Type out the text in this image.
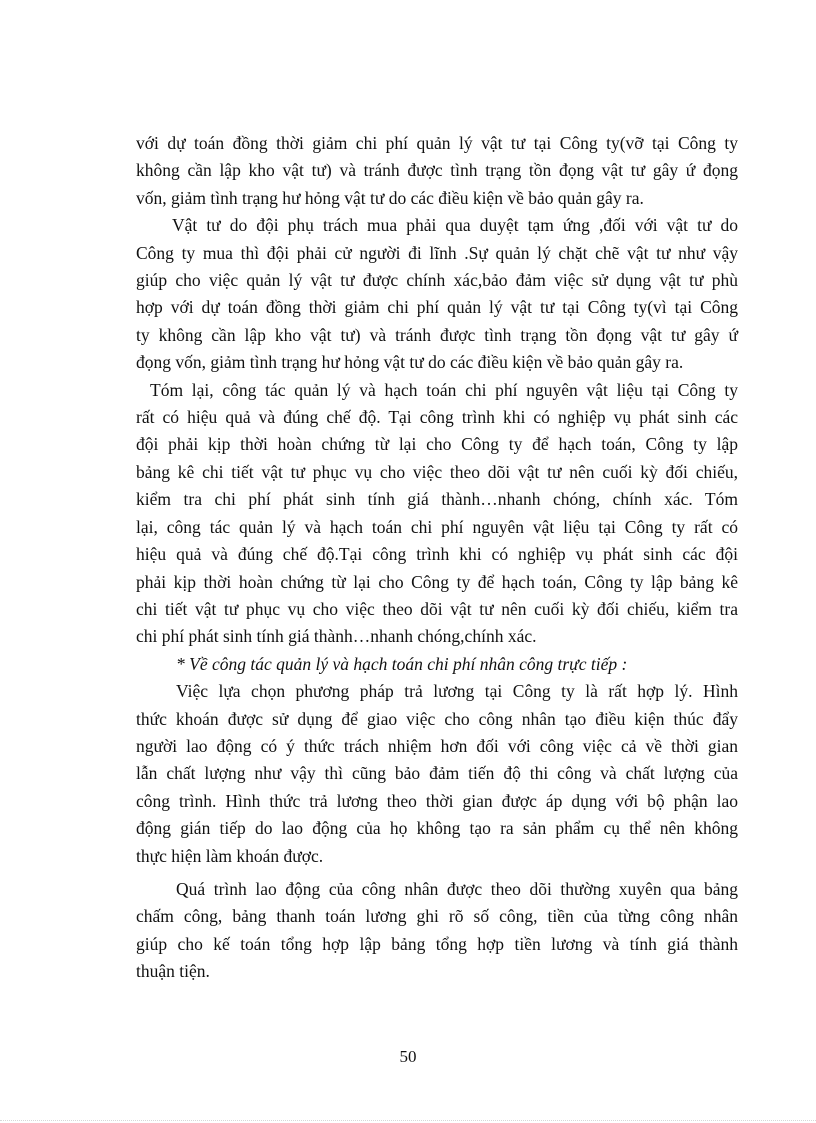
với dự toán đồng thời giảm chi phí quản lý vật tư tại Công ty(vỡ tại Công ty
không cần lập kho vật tư) và tránh được tình trạng tồn đọng vật tư gây ứ đọng
vốn, giảm tình trạng hư hỏng vật tư do các điều kiện về bảo quản gây ra.
Vật tư do đội phụ trách mua phải qua duyệt tạm ứng ,đối với vật tư do
Công ty mua thì đội phải cử người đi lĩnh .Sự quản lý chặt chẽ vật tư như vậy
giúp cho việc quản lý vật tư được chính xác,bảo đảm việc sử dụng vật tư phù
hợp với dự toán đồng thời giảm chi phí quản lý vật tư tại Công ty(vì tại Công
ty không cần lập kho vật tư) và tránh được tình trạng tồn đọng vật tư gây ứ
đọng vốn, giảm tình trạng hư hỏng vật tư do các điều kiện về bảo quản gây ra.
Tóm lại, công tác quản lý và hạch toán chi phí nguyên vật liệu tại Công ty
rất có hiệu quả và đúng chế độ. Tại công trình khi có nghiệp vụ phát sinh các
đội phải kịp thời hoàn chứng từ lại cho Công ty để hạch toán, Công ty lập
bảng kê chi tiết vật tư phục vụ cho việc theo dõi vật tư nên cuối kỳ đối chiếu,
kiểm tra chi phí phát sinh tính giá thành…nhanh chóng, chính xác. Tóm
lại, công tác quản lý và hạch toán chi phí nguyên vật liệu tại Công ty rất có
hiệu quả và đúng chế độ.Tại công trình khi có nghiệp vụ phát sinh các đội
phải kịp thời hoàn chứng từ lại cho Công ty để hạch toán, Công ty lập bảng kê
chi tiết vật tư phục vụ cho việc theo dõi vật tư nên cuối kỳ đối chiếu, kiểm tra
chi phí phát sinh tính giá thành…nhanh chóng,chính xác.
* Về công tác quản lý và hạch toán chi phí nhân công trực tiếp :
Việc lựa chọn phương pháp trả lương tại Công ty là rất hợp lý. Hình
thức khoán được sử dụng để giao việc cho công nhân tạo điều kiện thúc đẩy
người lao động có ý thức trách nhiệm hơn đối với công việc cả về thời gian
lẫn chất lượng như vậy thì cũng bảo đảm tiến độ thi công và chất lượng của
công trình. Hình thức trả lương theo thời gian được áp dụng với bộ phận lao
động gián tiếp do lao động của họ không tạo ra sản phẩm cụ thể nên không
thực hiện làm khoán được.
Quá trình lao động của công nhân được theo dõi thường xuyên qua bảng
chấm công, bảng thanh toán lương ghi rõ số công, tiền của từng công nhân
giúp cho kế toán tổng hợp lập bảng tổng hợp tiền lương và tính giá thành
thuận tiện.
50
